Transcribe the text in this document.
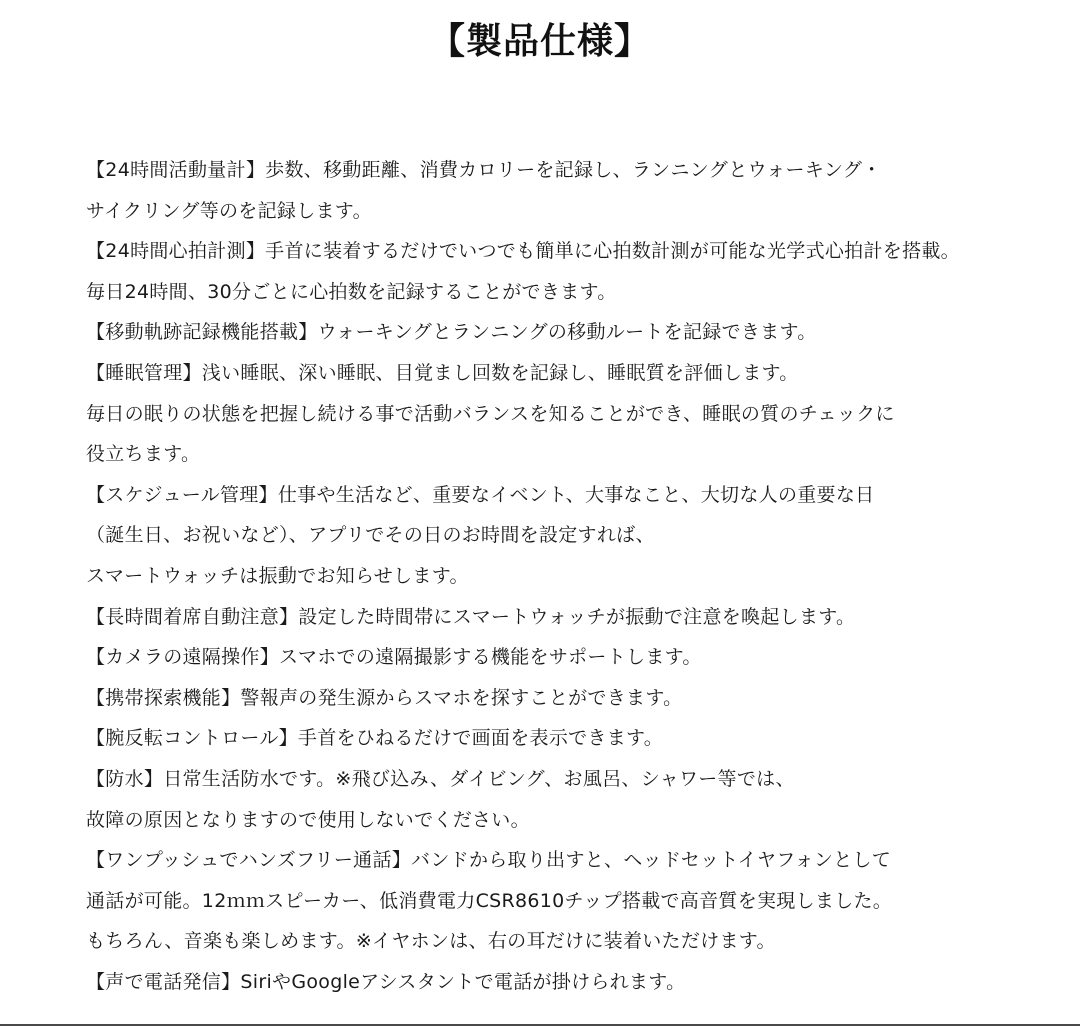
【製品仕様】
【24時間活動量計】歩数、移動距離、消費カロリーを記録し、ランニングとウォーキング・
サイクリング等のを記録します。
【24時間心拍計測】手首に装着するだけでいつでも簡単に心拍数計測が可能な光学式心拍計を搭載。
毎日24時間、30分ごとに心拍数を記録することができます。
【移動軌跡記録機能搭載】ウォーキングとランニングの移動ルートを記録できます。
【睡眠管理】浅い睡眠、深い睡眠、目覚まし回数を記録し、睡眠質を評価します。
毎日の眠りの状態を把握し続ける事で活動バランスを知ることができ、睡眠の質のチェックに
役立ちます。
【スケジュール管理】仕事や生活など、重要なイベント、大事なこと、大切な人の重要な日
（誕生日、お祝いなど）、アプリでその日のお時間を設定すれば、
スマートウォッチは振動でお知らせします。
【長時間着席自動注意】設定した時間帯にスマートウォッチが振動で注意を喚起します。
【カメラの遠隔操作】スマホでの遠隔撮影する機能をサポートします。
【携帯探索機能】警報声の発生源からスマホを探すことができます。
【腕反転コントロール】手首をひねるだけで画面を表示できます。
【防水】日常生活防水です。※飛び込み、ダイビング、お風呂、シャワー等では、
故障の原因となりますので使用しないでください。
【ワンプッシュでハンズフリー通話】バンドから取り出すと、ヘッドセットイヤフォンとして
通話が可能。12ｍｍスピーカー、低消費電力CSR8610チップ搭載で高音質を実現しました。
もちろん、音楽も楽しめます。※イヤホンは、右の耳だけに装着いただけます。
【声で電話発信】SiriやGoogleアシスタントで電話が掛けられます。
